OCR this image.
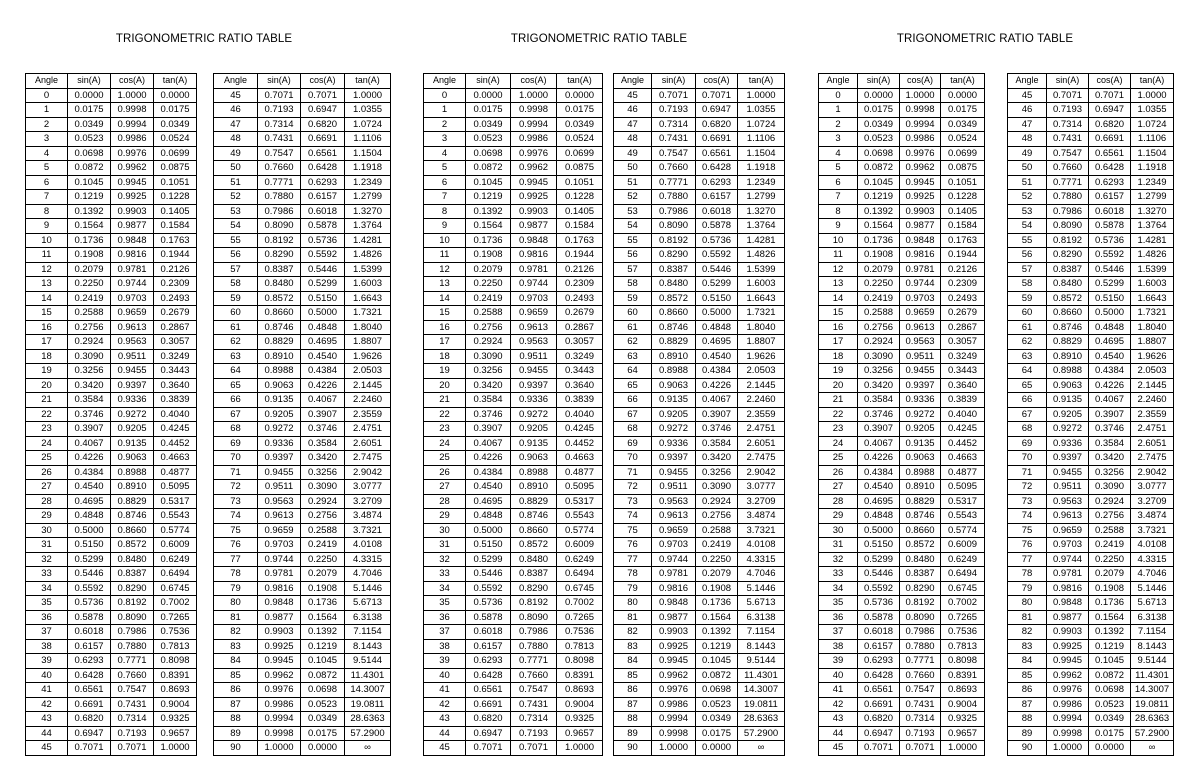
TRIGONOMETRIC RATIO TABLE	TRIGONOMETRIC RATIO TABLE	TRIGONOMETRIC RATIO TABLE
Angle	sin(A)	cos(A)	tan(A)
0	0.0000	1.0000	0.0000
1	0.0175	0.9998	0.0175
2	0.0349	0.9994	0.0349
3	0.0523	0.9986	0.0524
4	0.0698	0.9976	0.0699
5	0.0872	0.9962	0.0875
6	0.1045	0.9945	0.1051
7	0.1219	0.9925	0.1228
8	0.1392	0.9903	0.1405
9	0.1564	0.9877	0.1584
10	0.1736	0.9848	0.1763
11	0.1908	0.9816	0.1944
12	0.2079	0.9781	0.2126
13	0.2250	0.9744	0.2309
14	0.2419	0.9703	0.2493
15	0.2588	0.9659	0.2679
16	0.2756	0.9613	0.2867
17	0.2924	0.9563	0.3057
18	0.3090	0.9511	0.3249
19	0.3256	0.9455	0.3443
20	0.3420	0.9397	0.3640
21	0.3584	0.9336	0.3839
22	0.3746	0.9272	0.4040
23	0.3907	0.9205	0.4245
24	0.4067	0.9135	0.4452
25	0.4226	0.9063	0.4663
26	0.4384	0.8988	0.4877
27	0.4540	0.8910	0.5095
28	0.4695	0.8829	0.5317
29	0.4848	0.8746	0.5543
30	0.5000	0.8660	0.5774
31	0.5150	0.8572	0.6009
32	0.5299	0.8480	0.6249
33	0.5446	0.8387	0.6494
34	0.5592	0.8290	0.6745
35	0.5736	0.8192	0.7002
36	0.5878	0.8090	0.7265
37	0.6018	0.7986	0.7536
38	0.6157	0.7880	0.7813
39	0.6293	0.7771	0.8098
40	0.6428	0.7660	0.8391
41	0.6561	0.7547	0.8693
42	0.6691	0.7431	0.9004
43	0.6820	0.7314	0.9325
44	0.6947	0.7193	0.9657
45	0.7071	0.7071	1.0000
Angle	sin(A)	cos(A)	tan(A)
45	0.7071	0.7071	1.0000
46	0.7193	0.6947	1.0355
47	0.7314	0.6820	1.0724
48	0.7431	0.6691	1.1106
49	0.7547	0.6561	1.1504
50	0.7660	0.6428	1.1918
51	0.7771	0.6293	1.2349
52	0.7880	0.6157	1.2799
53	0.7986	0.6018	1.3270
54	0.8090	0.5878	1.3764
55	0.8192	0.5736	1.4281
56	0.8290	0.5592	1.4826
57	0.8387	0.5446	1.5399
58	0.8480	0.5299	1.6003
59	0.8572	0.5150	1.6643
60	0.8660	0.5000	1.7321
61	0.8746	0.4848	1.8040
62	0.8829	0.4695	1.8807
63	0.8910	0.4540	1.9626
64	0.8988	0.4384	2.0503
65	0.9063	0.4226	2.1445
66	0.9135	0.4067	2.2460
67	0.9205	0.3907	2.3559
68	0.9272	0.3746	2.4751
69	0.9336	0.3584	2.6051
70	0.9397	0.3420	2.7475
71	0.9455	0.3256	2.9042
72	0.9511	0.3090	3.0777
73	0.9563	0.2924	3.2709
74	0.9613	0.2756	3.4874
75	0.9659	0.2588	3.7321
76	0.9703	0.2419	4.0108
77	0.9744	0.2250	4.3315
78	0.9781	0.2079	4.7046
79	0.9816	0.1908	5.1446
80	0.9848	0.1736	5.6713
81	0.9877	0.1564	6.3138
82	0.9903	0.1392	7.1154
83	0.9925	0.1219	8.1443
84	0.9945	0.1045	9.5144
85	0.9962	0.0872	11.4301
86	0.9976	0.0698	14.3007
87	0.9986	0.0523	19.0811
88	0.9994	0.0349	28.6363
89	0.9998	0.0175	57.2900
90	1.0000	0.0000	∞
Angle	sin(A)	cos(A)	tan(A)
0	0.0000	1.0000	0.0000
1	0.0175	0.9998	0.0175
2	0.0349	0.9994	0.0349
3	0.0523	0.9986	0.0524
4	0.0698	0.9976	0.0699
5	0.0872	0.9962	0.0875
6	0.1045	0.9945	0.1051
7	0.1219	0.9925	0.1228
8	0.1392	0.9903	0.1405
9	0.1564	0.9877	0.1584
10	0.1736	0.9848	0.1763
11	0.1908	0.9816	0.1944
12	0.2079	0.9781	0.2126
13	0.2250	0.9744	0.2309
14	0.2419	0.9703	0.2493
15	0.2588	0.9659	0.2679
16	0.2756	0.9613	0.2867
17	0.2924	0.9563	0.3057
18	0.3090	0.9511	0.3249
19	0.3256	0.9455	0.3443
20	0.3420	0.9397	0.3640
21	0.3584	0.9336	0.3839
22	0.3746	0.9272	0.4040
23	0.3907	0.9205	0.4245
24	0.4067	0.9135	0.4452
25	0.4226	0.9063	0.4663
26	0.4384	0.8988	0.4877
27	0.4540	0.8910	0.5095
28	0.4695	0.8829	0.5317
29	0.4848	0.8746	0.5543
30	0.5000	0.8660	0.5774
31	0.5150	0.8572	0.6009
32	0.5299	0.8480	0.6249
33	0.5446	0.8387	0.6494
34	0.5592	0.8290	0.6745
35	0.5736	0.8192	0.7002
36	0.5878	0.8090	0.7265
37	0.6018	0.7986	0.7536
38	0.6157	0.7880	0.7813
39	0.6293	0.7771	0.8098
40	0.6428	0.7660	0.8391
41	0.6561	0.7547	0.8693
42	0.6691	0.7431	0.9004
43	0.6820	0.7314	0.9325
44	0.6947	0.7193	0.9657
45	0.7071	0.7071	1.0000
Angle	sin(A)	cos(A)	tan(A)
45	0.7071	0.7071	1.0000
46	0.7193	0.6947	1.0355
47	0.7314	0.6820	1.0724
48	0.7431	0.6691	1.1106
49	0.7547	0.6561	1.1504
50	0.7660	0.6428	1.1918
51	0.7771	0.6293	1.2349
52	0.7880	0.6157	1.2799
53	0.7986	0.6018	1.3270
54	0.8090	0.5878	1.3764
55	0.8192	0.5736	1.4281
56	0.8290	0.5592	1.4826
57	0.8387	0.5446	1.5399
58	0.8480	0.5299	1.6003
59	0.8572	0.5150	1.6643
60	0.8660	0.5000	1.7321
61	0.8746	0.4848	1.8040
62	0.8829	0.4695	1.8807
63	0.8910	0.4540	1.9626
64	0.8988	0.4384	2.0503
65	0.9063	0.4226	2.1445
66	0.9135	0.4067	2.2460
67	0.9205	0.3907	2.3559
68	0.9272	0.3746	2.4751
69	0.9336	0.3584	2.6051
70	0.9397	0.3420	2.7475
71	0.9455	0.3256	2.9042
72	0.9511	0.3090	3.0777
73	0.9563	0.2924	3.2709
74	0.9613	0.2756	3.4874
75	0.9659	0.2588	3.7321
76	0.9703	0.2419	4.0108
77	0.9744	0.2250	4.3315
78	0.9781	0.2079	4.7046
79	0.9816	0.1908	5.1446
80	0.9848	0.1736	5.6713
81	0.9877	0.1564	6.3138
82	0.9903	0.1392	7.1154
83	0.9925	0.1219	8.1443
84	0.9945	0.1045	9.5144
85	0.9962	0.0872	11.4301
86	0.9976	0.0698	14.3007
87	0.9986	0.0523	19.0811
88	0.9994	0.0349	28.6363
89	0.9998	0.0175	57.2900
90	1.0000	0.0000	∞
Angle	sin(A)	cos(A)	tan(A)
0	0.0000	1.0000	0.0000
1	0.0175	0.9998	0.0175
2	0.0349	0.9994	0.0349
3	0.0523	0.9986	0.0524
4	0.0698	0.9976	0.0699
5	0.0872	0.9962	0.0875
6	0.1045	0.9945	0.1051
7	0.1219	0.9925	0.1228
8	0.1392	0.9903	0.1405
9	0.1564	0.9877	0.1584
10	0.1736	0.9848	0.1763
11	0.1908	0.9816	0.1944
12	0.2079	0.9781	0.2126
13	0.2250	0.9744	0.2309
14	0.2419	0.9703	0.2493
15	0.2588	0.9659	0.2679
16	0.2756	0.9613	0.2867
17	0.2924	0.9563	0.3057
18	0.3090	0.9511	0.3249
19	0.3256	0.9455	0.3443
20	0.3420	0.9397	0.3640
21	0.3584	0.9336	0.3839
22	0.3746	0.9272	0.4040
23	0.3907	0.9205	0.4245
24	0.4067	0.9135	0.4452
25	0.4226	0.9063	0.4663
26	0.4384	0.8988	0.4877
27	0.4540	0.8910	0.5095
28	0.4695	0.8829	0.5317
29	0.4848	0.8746	0.5543
30	0.5000	0.8660	0.5774
31	0.5150	0.8572	0.6009
32	0.5299	0.8480	0.6249
33	0.5446	0.8387	0.6494
34	0.5592	0.8290	0.6745
35	0.5736	0.8192	0.7002
36	0.5878	0.8090	0.7265
37	0.6018	0.7986	0.7536
38	0.6157	0.7880	0.7813
39	0.6293	0.7771	0.8098
40	0.6428	0.7660	0.8391
41	0.6561	0.7547	0.8693
42	0.6691	0.7431	0.9004
43	0.6820	0.7314	0.9325
44	0.6947	0.7193	0.9657
45	0.7071	0.7071	1.0000
Angle	sin(A)	cos(A)	tan(A)
45	0.7071	0.7071	1.0000
46	0.7193	0.6947	1.0355
47	0.7314	0.6820	1.0724
48	0.7431	0.6691	1.1106
49	0.7547	0.6561	1.1504
50	0.7660	0.6428	1.1918
51	0.7771	0.6293	1.2349
52	0.7880	0.6157	1.2799
53	0.7986	0.6018	1.3270
54	0.8090	0.5878	1.3764
55	0.8192	0.5736	1.4281
56	0.8290	0.5592	1.4826
57	0.8387	0.5446	1.5399
58	0.8480	0.5299	1.6003
59	0.8572	0.5150	1.6643
60	0.8660	0.5000	1.7321
61	0.8746	0.4848	1.8040
62	0.8829	0.4695	1.8807
63	0.8910	0.4540	1.9626
64	0.8988	0.4384	2.0503
65	0.9063	0.4226	2.1445
66	0.9135	0.4067	2.2460
67	0.9205	0.3907	2.3559
68	0.9272	0.3746	2.4751
69	0.9336	0.3584	2.6051
70	0.9397	0.3420	2.7475
71	0.9455	0.3256	2.9042
72	0.9511	0.3090	3.0777
73	0.9563	0.2924	3.2709
74	0.9613	0.2756	3.4874
75	0.9659	0.2588	3.7321
76	0.9703	0.2419	4.0108
77	0.9744	0.2250	4.3315
78	0.9781	0.2079	4.7046
79	0.9816	0.1908	5.1446
80	0.9848	0.1736	5.6713
81	0.9877	0.1564	6.3138
82	0.9903	0.1392	7.1154
83	0.9925	0.1219	8.1443
84	0.9945	0.1045	9.5144
85	0.9962	0.0872	11.4301
86	0.9976	0.0698	14.3007
87	0.9986	0.0523	19.0811
88	0.9994	0.0349	28.6363
89	0.9998	0.0175	57.2900
90	1.0000	0.0000	∞
